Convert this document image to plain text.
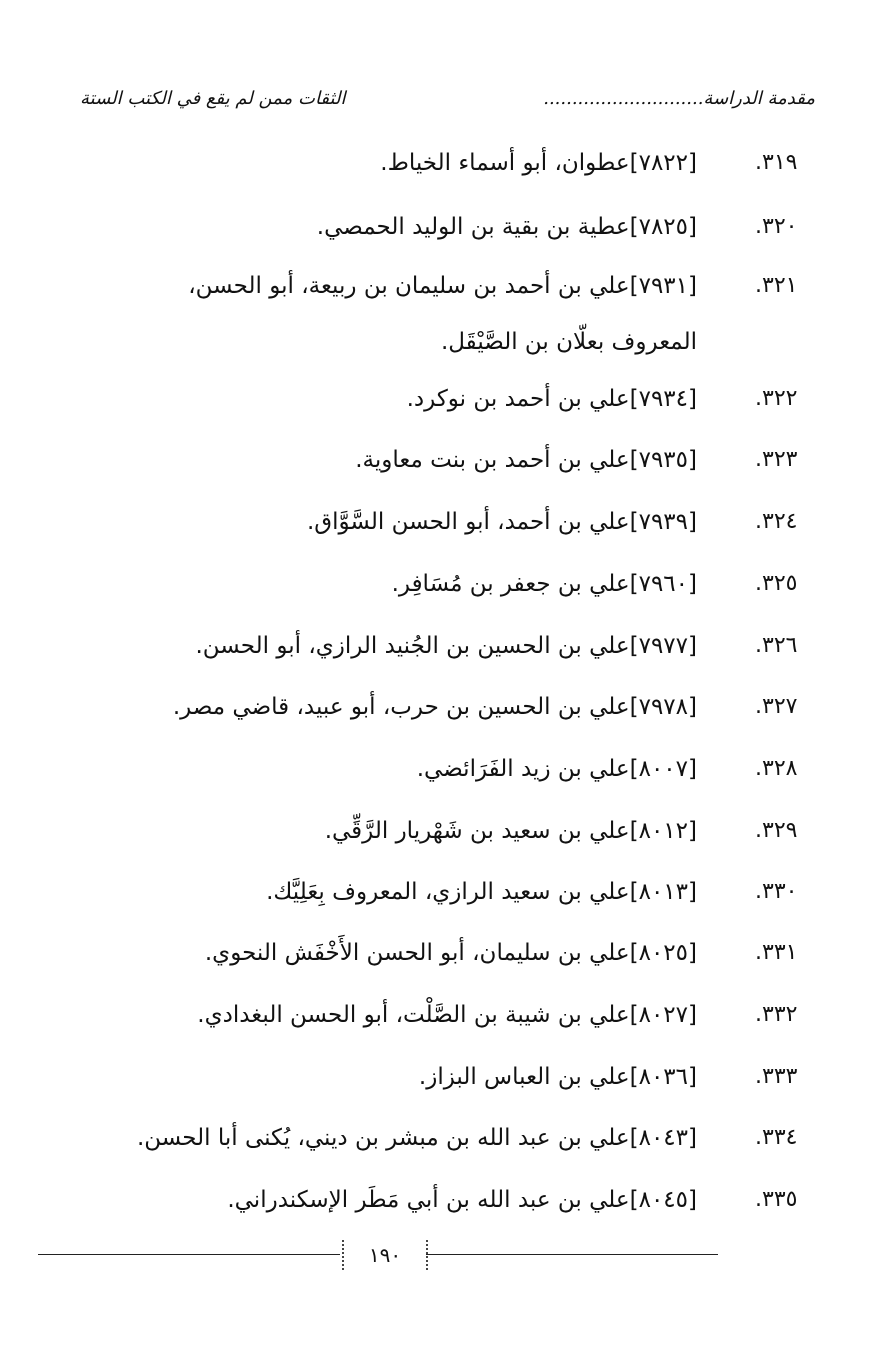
مقدمة الدراسة............................
الثقات ممن لم يقع في الكتب الستة
٣١٩.
[٧٨٢٢]عطوان، أبو أسماء الخياط.
٣٢٠.
[٧٨٢٥]عطية بن بقية بن الوليد الحمصي.
٣٢١.
[٧٩٣١]علي بن أحمد بن سليمان بن ربيعة، أبو الحسن،
المعروف بعلّان بن الصَّيْقَل.
٣٢٢.
[٧٩٣٤]علي بن أحمد بن نوكرد.
٣٢٣.
[٧٩٣٥]علي بن أحمد بن بنت معاوية.
٣٢٤.
[٧٩٣٩]علي بن أحمد، أبو الحسن السَّوَّاق.
٣٢٥.
[٧٩٦٠]علي بن جعفر بن مُسَافِر.
٣٢٦.
[٧٩٧٧]علي بن الحسين بن الجُنيد الرازي، أبو الحسن.
٣٢٧.
[٧٩٧٨]علي بن الحسين بن حرب، أبو عبيد، قاضي مصر.
٣٢٨.
[٨٠٠٧]علي بن زيد الفَرَائضي.
٣٢٩.
[٨٠١٢]علي بن سعيد بن شَهْريار الرَّقِّي.
٣٣٠.
[٨٠١٣]علي بن سعيد الرازي، المعروف بِعَلِيَّك.
٣٣١.
[٨٠٢٥]علي بن سليمان، أبو الحسن الأَخْفَش النحوي.
٣٣٢.
[٨٠٢٧]علي بن شيبة بن الصَّلْت، أبو الحسن البغدادي.
٣٣٣.
[٨٠٣٦]علي بن العباس البزاز.
٣٣٤.
[٨٠٤٣]علي بن عبد الله بن مبشر بن ديني، يُكنى أبا الحسن.
٣٣٥.
[٨٠٤٥]علي بن عبد الله بن أبي مَطَر الإسكندراني.
١٩٠
